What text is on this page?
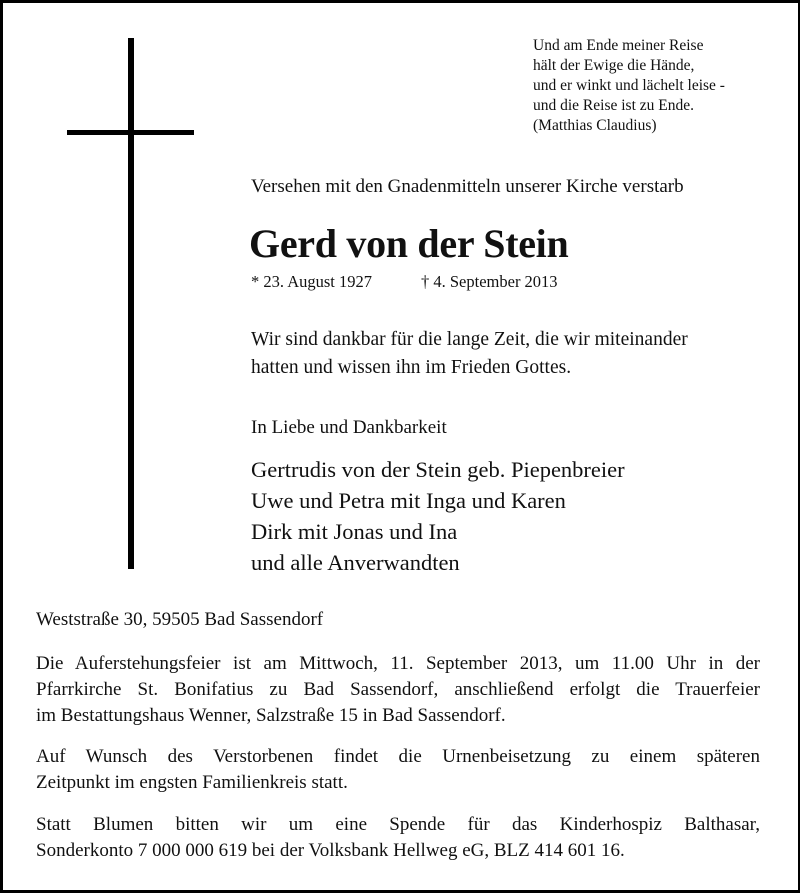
Und am Ende meiner Reise
hält der Ewige die Hände,
und er winkt und lächelt leise -
und die Reise ist zu Ende.
(Matthias Claudius)
Versehen mit den Gnadenmitteln unserer Kirche verstarb
Gerd von der Stein
* 23. August 1927	† 4. September 2013
Wir sind dankbar für die lange Zeit, die wir miteinander
hatten und wissen ihn im Frieden Gottes.
In Liebe und Dankbarkeit
Gertrudis von der Stein geb. Piepenbreier
Uwe und Petra mit Inga und Karen
Dirk mit Jonas und Ina
und alle Anverwandten
Weststraße 30, 59505 Bad Sassendorf
Die Auferstehungsfeier ist am Mittwoch, 11. September 2013, um 11.00 Uhr in der
Pfarrkirche St. Bonifatius zu Bad Sassendorf, anschließend erfolgt die Trauerfeier
im Bestattungshaus Wenner, Salzstraße 15 in Bad Sassendorf.
Auf Wunsch des Verstorbenen findet die Urnenbeisetzung zu einem späteren
Zeitpunkt im engsten Familienkreis statt.
Statt Blumen bitten wir um eine Spende für das Kinderhospiz Balthasar,
Sonderkonto 7 000 000 619 bei der Volksbank Hellweg eG, BLZ 414 601 16.
